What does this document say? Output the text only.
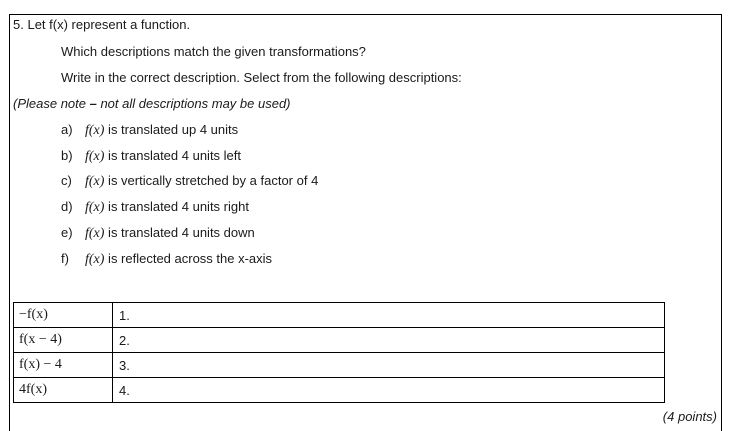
5. Let f(x) represent a function.
Which descriptions match the given transformations?
Write in the correct description. Select from the following descriptions:
(Please note – not all descriptions may be used)
a) f(x) is translated up 4 units
b) f(x) is translated 4 units left
c) f(x) is vertically stretched by a factor of 4
d) f(x) is translated 4 units right
e) f(x) is translated 4 units down
f) f(x) is reflected across the x-axis
−f(x)	1.
f(x − 4)	2.
f(x) − 4	3.
4f(x)	4.
(4 points)
